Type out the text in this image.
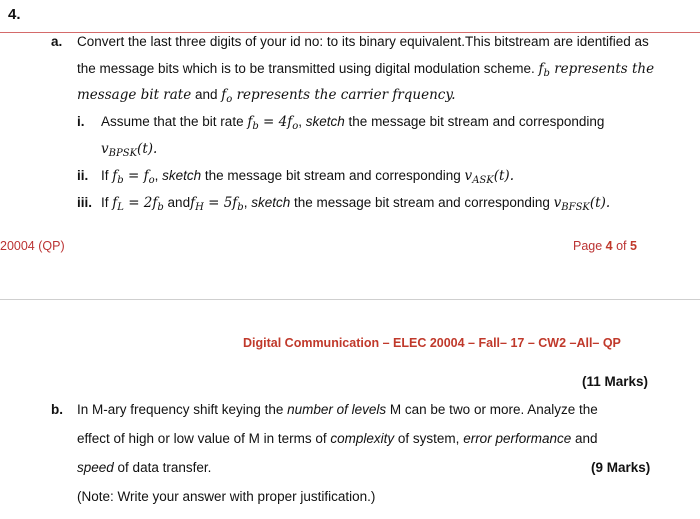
4.
a. Convert the last three digits of your id no: to its binary equivalent.This bitstream are identified as
the message bits which is to be transmitted using digital modulation scheme. $f_b$ represents the
message bit rate and $f_o$ represents the carrier frquency.
i. Assume that the bit rate $f_b = 4f_o$, sketch the message bit stream and corresponding
$v_{BPSK}(t)$.
ii. If $f_b = f_o$, sketch the message bit stream and corresponding $v_{ASK}(t)$.
iii. If $f_L = 2f_b$ andf$_H$ = $5f_b$, sketch the message bit stream and corresponding $v_{BFSK}(t)$.
20004 (QP)	Page 4 of 5
Digital Communication – ELEC 20004 – Fall– 17 – CW2 –All– QP
(11 Marks)
b. In M-ary frequency shift keying the number of levels M can be two or more. Analyze the
effect of high or low value of M in terms of complexity of system, error performance and
speed of data transfer.	(9 Marks)
(Note: Write your answer with proper justification.)
